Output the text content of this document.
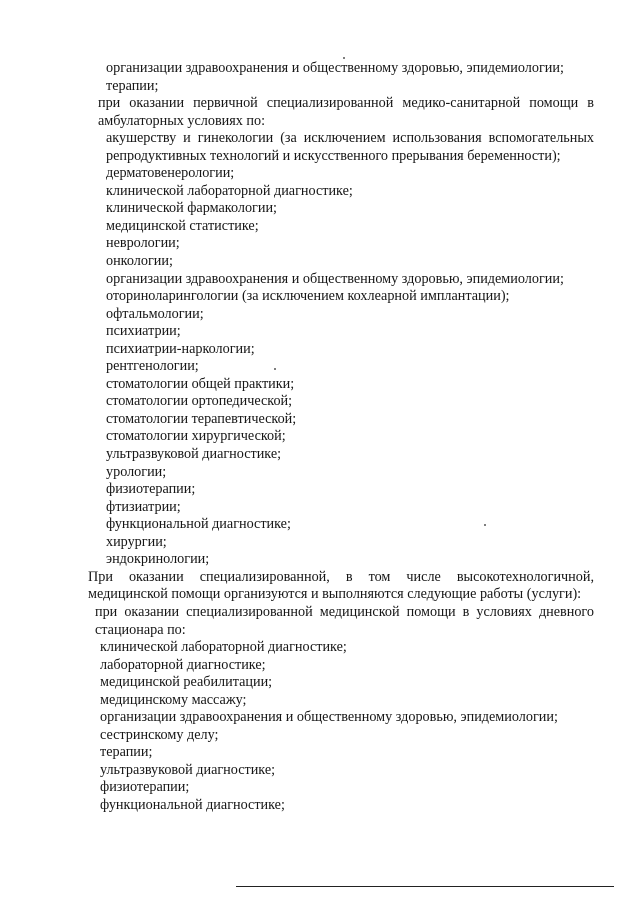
организации здравоохранения и общественному здоровью, эпидемиологии;

терапии;

при оказании первичной специализированной медико-санитарной помощи в амбулаторных условиях по:

акушерству и гинекологии (за исключением использования вспомогательных репродуктивных технологий и искусственного прерывания беременности);

дерматовенерологии;

клинической лабораторной диагностике;

клинической фармакологии;

медицинской статистике;

неврологии;

онкологии;

организации здравоохранения и общественному здоровью, эпидемиологии;

оториноларингологии (за исключением кохлеарной имплантации);

офтальмологии;

психиатрии;

психиатрии-наркологии;

рентгенологии;

стоматологии общей практики;

стоматологии ортопедической;

стоматологии терапевтической;

стоматологии хирургической;

ультразвуковой диагностике;

урологии;

физиотерапии;

фтизиатрии;

функциональной диагностике;

хирургии;

эндокринологии;

При оказании специализированной, в том числе высокотехнологичной, медицинской помощи организуются и выполняются следующие работы (услуги):

при оказании специализированной медицинской помощи в условиях дневного стационара по:

клинической лабораторной диагностике;

лабораторной диагностике;

медицинской реабилитации;

медицинскому массажу;

организации здравоохранения и общественному здоровью, эпидемиологии;

сестринскому делу;

терапии;

ультразвуковой диагностике;

физиотерапии;

функциональной диагностике;
